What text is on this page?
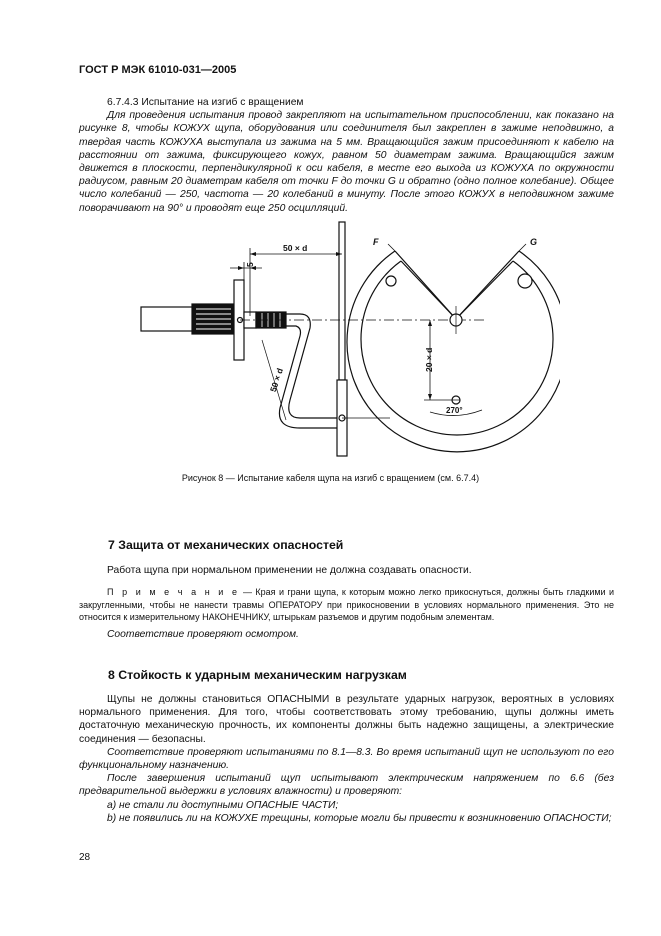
ГОСТ Р МЭК 61010-031—2005

6.7.4.3 Испытание на изгиб с вращением

Для проведения испытания провод закрепляют на испытательном приспособлении, как показано на рисунке 8, чтобы КОЖУХ щупа, оборудования или соединителя был закреплен в зажиме неподвижно, а твердая часть КОЖУХА выступала из зажима на 5 мм. Вращающийся зажим присоединяют к кабелю на расстоянии от зажима, фиксирующего кожух, равном 50 диаметрам зажима. Вращающийся зажим движется в плоскости, перпендикулярной к оси кабеля, в месте его выхода из КОЖУХА по окружности радиусом, равным 20 диаметрам кабеля от точки F до точки G и обратно (одно полное колебание). Общее число колебаний — 250, частота — 20 колебаний в минуту. После этого КОЖУХ в неподвижном зажиме поворачивают на 90° и проводят еще 250 осцилляций.

50 × d
5
50 × d
20 × d
F	G
270°
Рисунок 8 — Испытание кабеля щупа на изгиб с вращением (см. 6.7.4)
7 Защита от механических опасностей

Работа щупа при нормальном применении не должна создавать опасности.

П р и м е ч а н и е — Края и грани щупа, к которым можно легко прикоснуться, должны быть гладкими и закругленными, чтобы не нанести травмы ОПЕРАТОРУ при прикосновении в условиях нормального применения. Это не относится к измерительному НАКОНЕЧНИКУ, штырькам разъемов и другим подобным элементам.

Соответствие проверяют осмотром.

8 Стойкость к ударным механическим нагрузкам

Щупы не должны становиться ОПАСНЫМИ в результате ударных нагрузок, вероятных в условиях нормального применения. Для того, чтобы соответствовать этому требованию, щупы должны иметь достаточную механическую прочность, их компоненты должны быть надежно защищены, а электрические соединения — безопасны.

Соответствие проверяют испытаниями по 8.1—8.3. Во время испытаний щуп не используют по его функциональному назначению.

После завершения испытаний щуп испытывают электрическим напряжением по 6.6 (без предварительной выдержки в условиях влажности) и проверяют:

a) не стали ли доступными ОПАСНЫЕ ЧАСТИ;

b) не появились ли на КОЖУХЕ трещины, которые могли бы привести к возникновению ОПАСНОСТИ;

28
